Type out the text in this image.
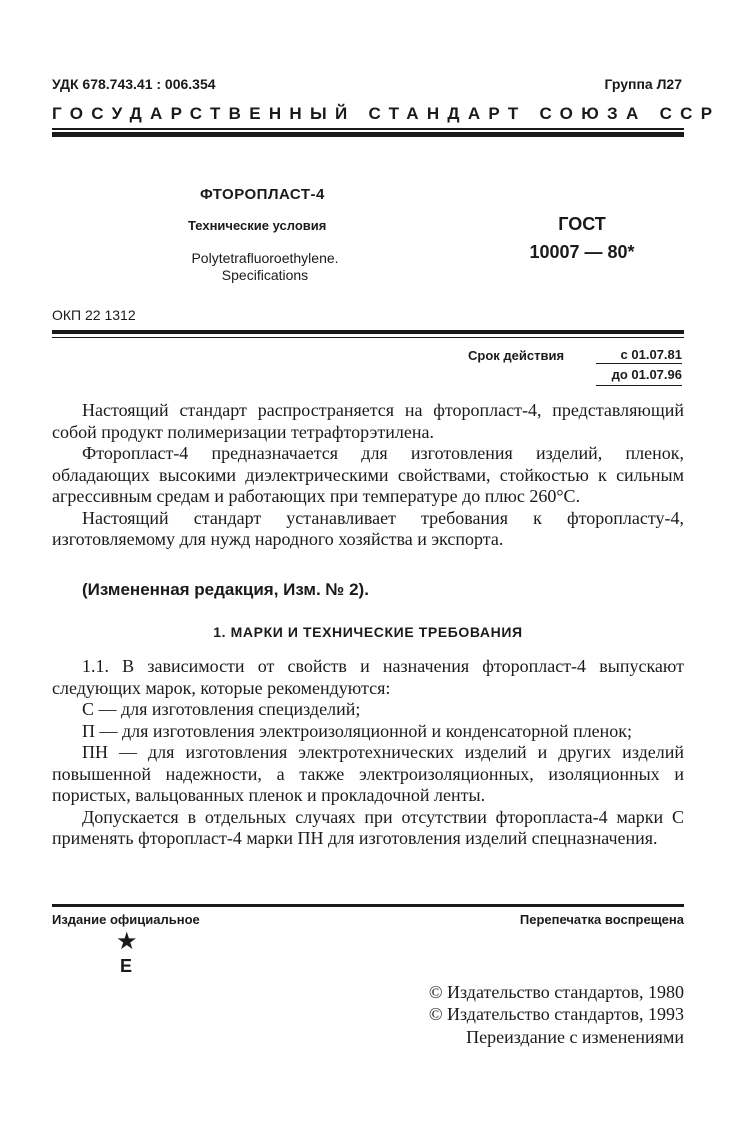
УДК 678.743.41 : 006.354	Группа Л27
ГОСУДАРСТВЕННЫЙ СТАНДАРТ СОЮЗА ССР
ФТОРОПЛАСТ-4
Технические условия
Polytetrafluoroethylene.
Specifications
ГОСТ
10007 — 80*
ОКП 22 1312
Срок действия	с 01.07.81
до 01.07.96
Настоящий стандарт распространяется на фторопласт-4, представляющий собой продукт полимеризации тетрафторэтилена.
Фторопласт-4 предназначается для изготовления изделий, пленок, обладающих высокими диэлектрическими свойствами, стойкостью к сильным агрессивным средам и работающих при температуре до плюс 260°С.
Настоящий стандарт устанавливает требования к фторопласту-4, изготовляемому для нужд народного хозяйства и экспорта.
(Измененная редакция, Изм. № 2).
1. МАРКИ И ТЕХНИЧЕСКИЕ ТРЕБОВАНИЯ
1.1. В зависимости от свойств и назначения фторопласт-4 выпускают следующих марок, которые рекомендуются:
С — для изготовления специзделий;
П — для изготовления электроизоляционной и конденсаторной пленок;
ПН — для изготовления электротехнических изделий и других изделий повышенной надежности, а также электроизоляционных, изоляционных и пористых, вальцованных пленок и прокладочной ленты.
Допускается в отдельных случаях при отсутствии фторопласта-4 марки С применять фторопласт-4 марки ПН для изготовления изделий спецназначения.
Издание официальное	Перепечатка воспрещена
★
Е
© Издательство стандартов, 1980
© Издательство стандартов, 1993
Переиздание с изменениями
